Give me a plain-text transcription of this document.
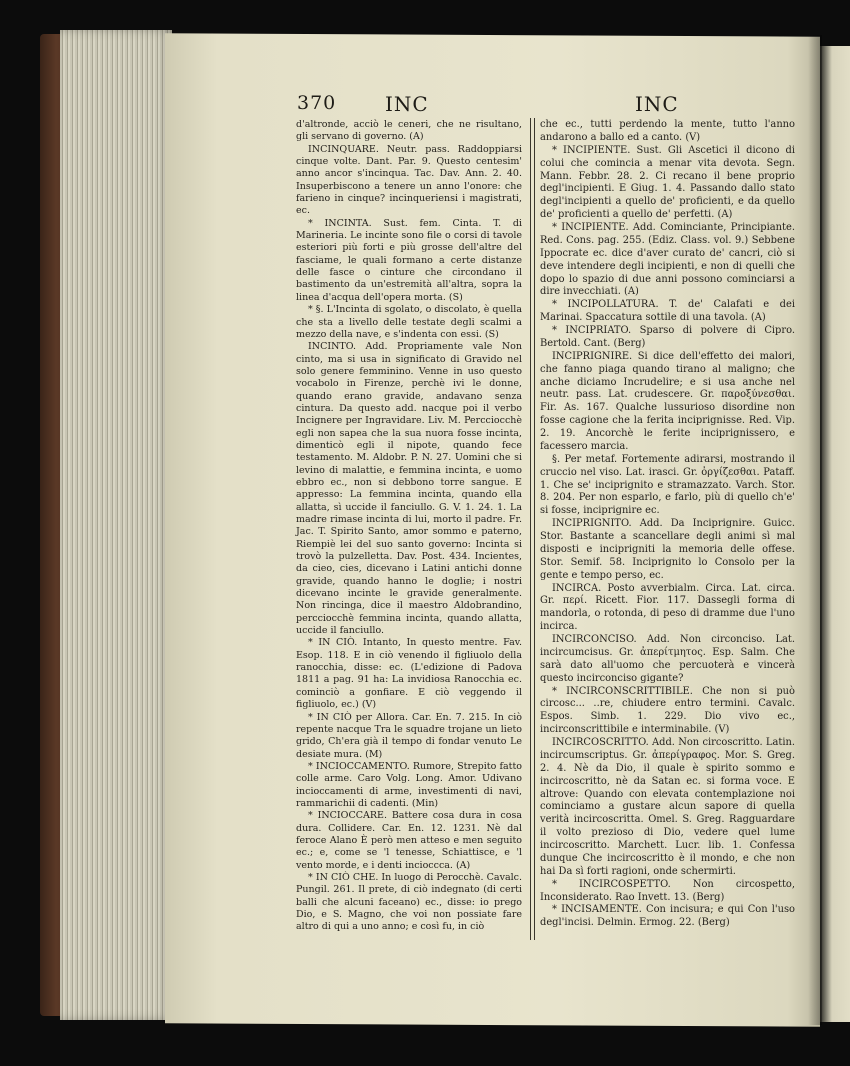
370 INC	INC

d'altronde, acciò le ceneri, che ne risultano, gli servano di governo. (A)

INCINQUARE. Neutr. pass. Raddoppiarsi cinque volte. Dant. Par. 9. Questo centesim' anno ancor s'incinqua. Tac. Dav. Ann. 2. 40. Insuperbiscono a tenere un anno l'onore: che farieno in cinque? incinqueriensi i magistrati, ec.

* INCINTA. Sust. fem. Cinta. T. di Marineria. Le incinte sono file o corsi di tavole esteriori più forti e più grosse dell'altre del fasciame, le quali formano a certe distanze delle fasce o cinture che circondano il bastimento da un'estremità all'altra, sopra la linea d'acqua dell'opera morta. (S)

* §. L'Incinta di sgolato, o discolato, è quella che sta a livello delle testate degli scalmi a mezzo della nave, e s'indenta con essi. (S)

INCINTO. Add. Propriamente vale Non cinto, ma si usa in significato di Gravido nel solo genere femminino. Venne in uso questo vocabolo in Firenze, perchè ivi le donne, quando erano gravide, andavano senza cintura. Da questo add. nacque poi il verbo Incignere per Ingravidare. Liv. M. Percciocchè egli non sapea che la sua nuora fosse incinta, dimenticò egli il nipote, quando fece testamento. M. Aldobr. P. N. 27. Uomini che si levino di malattie, e femmina incinta, e uomo ebbro ec., non si debbono torre sangue. E appresso: La femmina incinta, quando ella allatta, sì uccide il fanciullo. G. V. 1. 24. 1. La madre rimase incinta di lui, morto il padre. Fr. Jac. T. Spirito Santo, amor sommo e paterno, Riempiè lei del suo santo governo: Incinta si trovò la pulzelletta. Dav. Post. 434. Incientes, da cieo, cies, dicevano i Latini antichi donne gravide, quando hanno le doglie; i nostri dicevano incinte le gravide generalmente. Non rincinga, dice il maestro Aldobrandino, percciocchè femmina incinta, quando allatta, uccide il fanciullo.

* IN CIÒ. Intanto, In questo mentre. Fav. Esop. 118. E in ciò venendo il figliuolo della ranocchia, disse: ec. (L'edizione di Padova 1811 a pag. 91 ha: La invidiosa Ranocchia ec. cominciò a gonfiare. E ciò veggendo il figliuolo, ec.) (V)

* IN CIÒ per Allora. Car. En. 7. 215. In ciò repente nacque Tra le squadre trojane un lieto grido, Ch'era già il tempo di fondar venuto Le desiate mura. (M)

* INCIOCCAMENTO. Rumore, Strepito fatto colle arme. Caro Volg. Long. Amor. Udivano incioccamenti di arme, investimenti di navi, rammarichii di cadenti. (Min)

* INCIOCCARE. Battere cosa dura in cosa dura. Collidere. Car. En. 12. 1231. Nè dal feroce Alano È però men atteso e men seguito ec.; e, come se 'l tenesse, Schiattisce, e 'l vento morde, e i denti incioccca. (A)

* IN CIÒ CHE. In luogo di Perocchè. Cavalc. Pungil. 261. Il prete, di ciò indegnato (di certi balli che alcuni faceano) ec., disse: io prego Dio, e S. Magno, che voi non possiate fare altro di qui a uno anno; e così fu, in ciò

che ec., tutti perdendo la mente, tutto l'anno andarono a ballo ed a canto. (V)

* INCIPIENTE. Sust. Gli Ascetici il dicono di colui che comincia a menar vita devota. Segn. Mann. Febbr. 28. 2. Ci recano il bene proprio degl'incipienti. E Giug. 1. 4. Passando dallo stato degl'incipienti a quello de' proficienti, e da quello de' proficienti a quello de' perfetti. (A)

* INCIPIENTE. Add. Cominciante, Principiante. Red. Cons. pag. 255. (Ediz. Class. vol. 9.) Sebbene Ippocrate ec. dice d'aver curato de' cancri, ciò si deve intendere degli incipienti, e non di quelli che dopo lo spazio di due anni possono cominciarsi a dire invecchiati. (A)

* INCIPOLLATURA. T. de' Calafati e dei Marinai. Spaccatura sottile di una tavola. (A)

* INCIPRIATO. Sparso di polvere di Cipro. Bertold. Cant. (Berg)

INCIPRIGNIRE. Si dice dell'effetto dei malori, che fanno piaga quando tirano al maligno; che anche diciamo Incrudelire; e si usa anche nel neutr. pass. Lat. crudescere. Gr. παροξύνεσθαι. Fir. As. 167. Qualche lussurioso disordine non fosse cagione che la ferita inciprignisse. Red. Vip. 2. 19. Ancorchè le ferite inciprignissero, e facessero marcia.

§. Per metaf. Fortemente adirarsi, mostrando il cruccio nel viso. Lat. irasci. Gr. ὀργίζεσθαι. Pataff. 1. Che se' inciprignito e stramazzato. Varch. Stor. 8. 204. Per non esparlo, e farlo, più di quello ch'e' si fosse, inciprignire ec.

INCIPRIGNITO. Add. Da Inciprignire. Guicc. Stor. Bastante a scancellare degli animi sì mal disposti e inciprigniti la memoria delle offese. Stor. Semif. 58. Inciprignito lo Consolo per la gente e tempo perso, ec.

INCIRCA. Posto avverbialm. Circa. Lat. circa. Gr. περί. Ricett. Fior. 117. Dassegli forma di mandorla, o rotonda, di peso di dramme due l'uno incirca.

INCIRCONCISO. Add. Non circonciso. Lat. incircumcisus. Gr. ἀπερίτμητος. Esp. Salm. Che sarà dato all'uomo che percuoterà e vincerà questo incirconciso gigante?

* INCIRCONSCRITTIBILE. Che non si può circosc... ..re, chiudere entro termini. Cavalc. Espos. Simb. 1. 229. Dio vivo ec., incirconscrittibile e interminabile. (V)

INCIRCOSCRITTO. Add. Non circoscritto. Latin. incircumscriptus. Gr. ἀπερίγραφος. Mor. S. Greg. 2. 4. Nè da Dio, il quale è spirito sommo e incircoscritto, nè da Satan ec. si forma voce. E altrove: Quando con elevata contemplazione noi cominciamo a gustare alcun sapore di quella verità incircoscritta. Omel. S. Greg. Ragguardare il volto prezioso di Dio, vedere quel lume incircoscritto. Marchett. Lucr. lib. 1. Confessa dunque Che incircoscritto è il mondo, e che non hai Da sì forti ragioni, onde schermirti.

* INCIRCOSPETTO. Non circospetto, Inconsiderato. Rao Invett. 13. (Berg)

* INCISAMENTE. Con incisura; e qui Con l'uso degl'incisi. Delmin. Ermog. 22. (Berg)
